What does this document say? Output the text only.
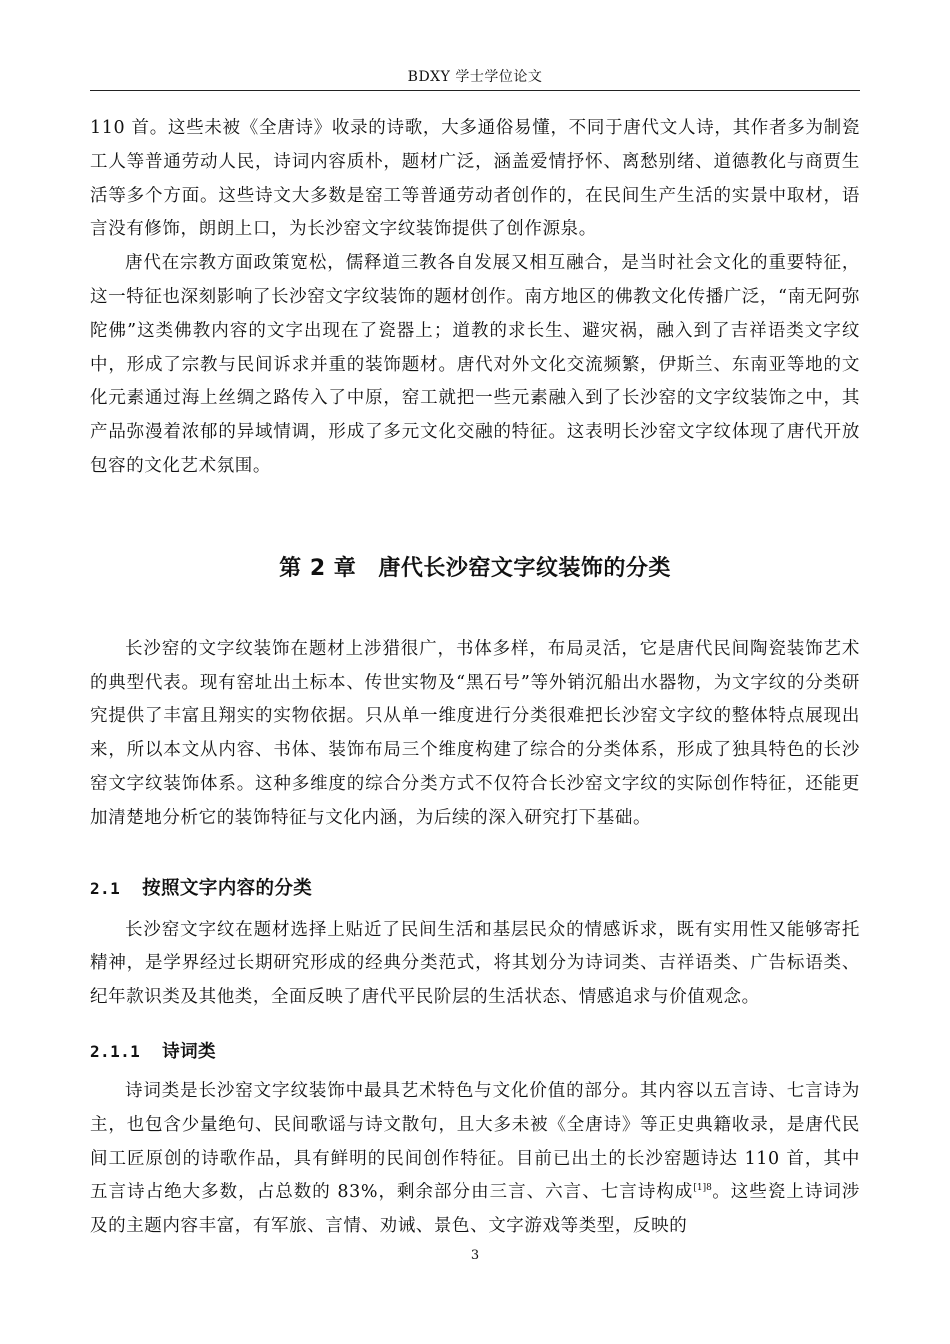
BDXY 学士学位论文

110 首。这些未被《全唐诗》收录的诗歌，大多通俗易懂，不同于唐代文人诗，其作者多为制瓷工人等普通劳动人民，诗词内容质朴，题材广泛，涵盖爱情抒怀、离愁别绪、道德教化与商贾生活等多个方面。这些诗文大多数是窑工等普通劳动者创作的，在民间生产生活的实景中取材，语言没有修饰，朗朗上口，为长沙窑文字纹装饰提供了创作源泉。

唐代在宗教方面政策宽松，儒释道三教各自发展又相互融合，是当时社会文化的重要特征，这一特征也深刻影响了长沙窑文字纹装饰的题材创作。南方地区的佛教文化传播广泛，“南无阿弥陀佛”这类佛教内容的文字出现在了瓷器上；道教的求长生、避灾祸，融入到了吉祥语类文字纹中，形成了宗教与民间诉求并重的装饰题材。唐代对外文化交流频繁，伊斯兰、东南亚等地的文化元素通过海上丝绸之路传入了中原，窑工就把一些元素融入到了长沙窑的文字纹装饰之中，其产品弥漫着浓郁的异域情调，形成了多元文化交融的特征。这表明长沙窑文字纹体现了唐代开放包容的文化艺术氛围。

第 2 章 唐代长沙窑文字纹装饰的分类

长沙窑的文字纹装饰在题材上涉猎很广，书体多样，布局灵活，它是唐代民间陶瓷装饰艺术的典型代表。现有窑址出土标本、传世实物及“黑石号”等外销沉船出水器物，为文字纹的分类研究提供了丰富且翔实的实物依据。只从单一维度进行分类很难把长沙窑文字纹的整体特点展现出来，所以本文从内容、书体、装饰布局三个维度构建了综合的分类体系，形成了独具特色的长沙窑文字纹装饰体系。这种多维度的综合分类方式不仅符合长沙窑文字纹的实际创作特征，还能更加清楚地分析它的装饰特征与文化内涵，为后续的深入研究打下基础。

2.1 按照文字内容的分类

长沙窑文字纹在题材选择上贴近了民间生活和基层民众的情感诉求，既有实用性又能够寄托精神，是学界经过长期研究形成的经典分类范式，将其划分为诗词类、吉祥语类、广告标语类、纪年款识类及其他类，全面反映了唐代平民阶层的生活状态、情感追求与价值观念。

2.1.1 诗词类

诗词类是长沙窑文字纹装饰中最具艺术特色与文化价值的部分。其内容以五言诗、七言诗为主，也包含少量绝句、民间歌谣与诗文散句，且大多未被《全唐诗》等正史典籍收录，是唐代民间工匠原创的诗歌作品，具有鲜明的民间创作特征。目前已出土的长沙窑题诗达 110 首，其中五言诗占绝大多数，占总数的 83%，剩余部分由三言、六言、七言诗构成$^{[1]8}$。这些瓷上诗词涉及的主题内容丰富，有军旅、言情、劝诫、景色、文字游戏等类型，反映的

3
